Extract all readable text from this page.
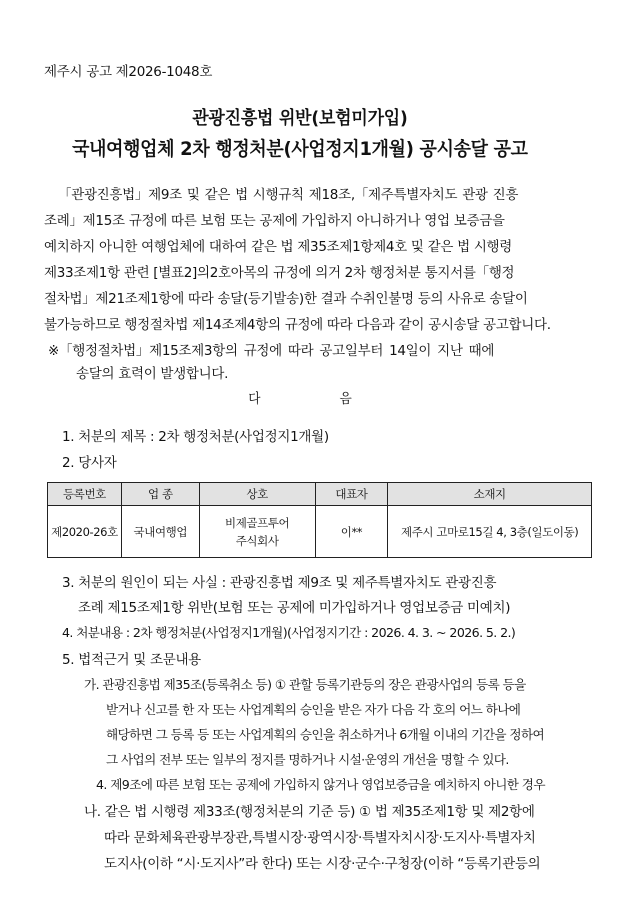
제주시 공고 제2026-1048호
관광진흥법 위반(보험미가입)
국내여행업체 2차 행정처분(사업정지1개월) 공시송달 공고
「관광진흥법」제9조 및 같은 법 시행규칙 제18조,「제주특별자치도 관광 진흥
조례」제15조 규정에 따른 보험 또는 공제에 가입하지 아니하거나 영업 보증금을
예치하지 아니한 여행업체에 대하여 같은 법 제35조제1항제4호 및 같은 법 시행령
제33조제1항 관련 [별표2]의2호아목의 규정에 의거 2차 행정처분 통지서를「행정
절차법」제21조제1항에 따라 송달(등기발송)한 결과 수취인불명 등의 사유로 송달이
불가능하므로 행정절차법 제14조제4항의 규정에 따라 다음과 같이 공시송달 공고합니다.
※「행정절차법」제15조제3항의 규정에 따라 공고일부터 14일이 지난 때에
송달의 효력이 발생합니다.
다 음
1. 처분의 제목 : 2차 행정처분(사업정지1개월)
2. 당사자
등록번호	업 종	상호	대표자	소재지
제2020-26호	국내여행업	비제골프투어
주식회사	이**	제주시 고마로15길 4, 3층(일도이동)
3. 처분의 원인이 되는 사실 : 관광진흥법 제9조 및 제주특별자치도 관광진흥
조례 제15조제1항 위반(보험 또는 공제에 미가입하거나 영업보증금 미예치)
4. 처분내용 : 2차 행정처분(사업정지1개월)(사업정지기간 : 2026. 4. 3. ~ 2026. 5. 2.)
5. 법적근거 및 조문내용
가. 관광진흥법 제35조(등록취소 등) ① 관할 등록기관등의 장은 관광사업의 등록 등을
받거나 신고를 한 자 또는 사업계획의 승인을 받은 자가 다음 각 호의 어느 하나에
해당하면 그 등록 등 또는 사업계획의 승인을 취소하거나 6개월 이내의 기간을 정하여
그 사업의 전부 또는 일부의 정지를 명하거나 시설·운영의 개선을 명할 수 있다.
4. 제9조에 따른 보험 또는 공제에 가입하지 않거나 영업보증금을 예치하지 아니한 경우
나. 같은 법 시행령 제33조(행정처분의 기준 등) ① 법 제35조제1항 및 제2항에
따라 문화체육관광부장관,특별시장·광역시장·특별자치시장·도지사·특별자치
도지사(이하 “시·도지사”라 한다) 또는 시장·군수·구청장(이하 “등록기관등의
